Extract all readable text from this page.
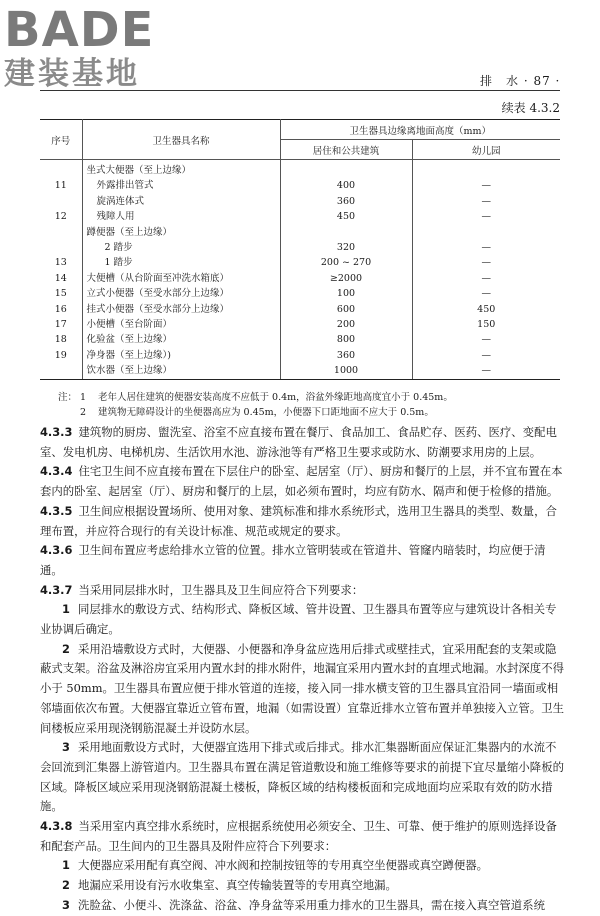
BADE
建装基地	排　水 · 87 ·
续表 4.3.2
序号	卫生器具名称	卫生器具边缘离地面高度（mm）	
		居住和公共建筑	幼儿园
	坐式大便器（至上边缘）		
11	外露排出管式	400	—
	旋涡连体式	360	—
12	残障人用	450	—
	蹲便器（至上边缘）		
	2 踏步	320	—
13	1 踏步	200 ~ 270	—
14	大便槽（从台阶面至冲洗水箱底）	≥2000	—
15	立式小便器（至受水部分上边缘）	100	—
16	挂式小便器（至受水部分上边缘）	600	450
17	小便槽（至台阶面）	200	150
18	化验盆（至上边缘）	800	—
19	净身器（至上边缘）)	360	—
	饮水器（至上边缘）	1000	—
注： 1	老年人居住建筑的便器安装高度不应低于 0.4m，浴盆外缘距地高度宜小于 0.45m。
2	建筑物无障碍设计的坐便器高应为 0.45m，小便器下口距地面不应大于 0.5m。

4.3.3 建筑物的厨房、盥洗室、浴室不应直接布置在餐厅、食品加工、食品贮存、医药、医疗、变配电室、发电机房、电梯机房、生活饮用水池、游泳池等有严格卫生要求或防水、防潮要求用房的上层。

4.3.4 住宅卫生间不应直接布置在下层住户的卧室、起居室（厅）、厨房和餐厅的上层，并不宜布置在本套内的卧室、起居室（厅）、厨房和餐厅的上层，如必须布置时，均应有防水、隔声和便于检修的措施。

4.3.5 卫生间应根据设置场所、使用对象、建筑标准和排水系统形式，选用卫生器具的类型、数量，合理布置，并应符合现行的有关设计标准、规范或规定的要求。

4.3.6 卫生间布置应考虑给排水立管的位置。排水立管明装或在管道井、管窿内暗装时，均应便于清通。

4.3.7 当采用同层排水时，卫生器具及卫生间应符合下列要求：

1 同层排水的敷设方式、结构形式、降板区域、管井设置、卫生器具布置等应与建筑设计各相关专业协调后确定。

2 采用沿墙敷设方式时，大便器、小便器和净身盆应选用后排式或壁挂式，宜采用配套的支架或隐蔽式支架。浴盆及淋浴房宜采用内置水封的排水附件，地漏宜采用内置水封的直埋式地漏。水封深度不得小于 50mm。卫生器具布置应便于排水管道的连接，接入同一排水横支管的卫生器具宜沿同一墙面或相邻墙面依次布置。大便器宜靠近立管布置，地漏（如需设置）宜靠近排水立管布置并单独接入立管。卫生间楼板应采用现浇钢筋混凝土并设防水层。

3 采用地面敷设方式时，大便器宜选用下排式或后排式。排水汇集器断面应保证汇集器内的水流不会回流到汇集器上游管道内。卫生器具布置在满足管道敷设和施工维修等要求的前提下宜尽量缩小降板的区域。降板区域应采用现浇钢筋混凝土楼板，降板区域的结构楼板面和完成地面均应采取有效的防水措施。

4.3.8 当采用室内真空排水系统时，应根据系统使用必须安全、卫生、可靠、便于维护的原则选择设备和配套产品。卫生间内的卫生器具及附件应符合下列要求：

1 大便器应采用配有真空阀、冲水阀和控制按钮等的专用真空坐便器或真空蹲便器。

2 地漏应采用设有污水收集室、真空传输装置等的专用真空地漏。

3 洗脸盆、小便斗、洗涤盆、浴盆、净身盆等采用重力排水的卫生器具，需在接入真空管道系统
